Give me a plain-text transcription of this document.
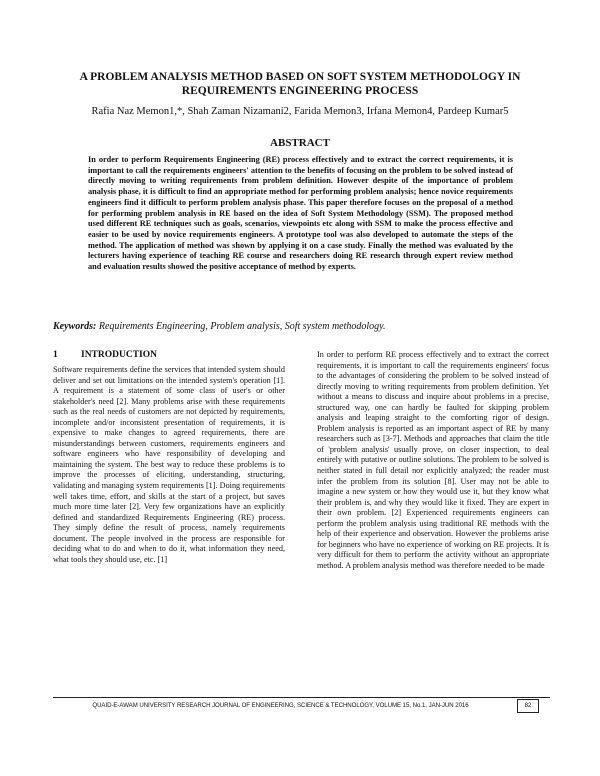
A PROBLEM ANALYSIS METHOD BASED ON SOFT SYSTEM METHODOLOGY IN REQUIREMENTS ENGINEERING PROCESS
Rafia Naz Memon1,*, Shah Zaman Nizamani2, Farida Memon3, Irfana Memon4, Pardeep Kumar5
ABSTRACT
In order to perform Requirements Engineering (RE) process effectively and to extract the correct requirements, it is important to call the requirements engineers' attention to the benefits of focusing on the problem to be solved instead of directly moving to writing requirements from problem definition. However despite of the importance of problem analysis phase, it is difficult to find an appropriate method for performing problem analysis; hence novice requirements engineers find it difficult to perform problem analysis phase. This paper therefore focuses on the proposal of a method for performing problem analysis in RE based on the idea of Soft System Methodology (SSM). The proposed method used different RE techniques such as goals, scenarios, viewpoints etc along with SSM to make the process effective and easier to be used by novice requirements engineers. A prototype tool was also developed to automate the steps of the method. The application of method was shown by applying it on a case study. Finally the method was evaluated by the lecturers having experience of teaching RE course and researchers doing RE research through expert review method and evaluation results showed the positive acceptance of method by experts.
Keywords: Requirements Engineering, Problem analysis, Soft system methodology.
1 INTRODUCTION
Software requirements define the services that intended system should deliver and set out limitations on the intended system's operation [1]. A requirement is a statement of some class of user's or other stakeholder's need [2]. Many problems arise with these requirements such as the real needs of customers are not depicted by requirements, incomplete and/or inconsistent presentation of requirements, it is expensive to make changes to agreed requirements, there are misunderstandings between customers, requirements engineers and software engineers who have responsibility of developing and maintaining the system. The best way to reduce these problems is to improve the processes of eliciting, understanding, structuring, validating and managing system requirements [1]. Doing requirements well takes time, effort, and skills at the start of a project, but saves much more time later [2]. Very few organizations have an explicitly defined and standardized Requirements Engineering (RE) process. They simply define the result of process, namely requirements document. The people involved in the process are responsible for deciding what to do and when to do it, what information they need, what tools they should use, etc. [1]
In order to perform RE process effectively and to extract the correct requirements, it is important to call the requirements engineers' focus to the advantages of considering the problem to be solved instead of directly moving to writing requirements from problem definition. Yet without a means to discuss and inquire about problems in a precise, structured way, one can hardly be faulted for skipping problem analysis and leaping straight to the comforting rigor of design. Problem analysis is reported as an important aspect of RE by many researchers such as [3-7]. Methods and approaches that claim the title of 'problem analysis' usually prove, on closer inspection, to deal entirely with putative or outline solutions. The problem to be solved is neither stated in full detail nor explicitly analyzed; the reader must infer the problem from its solution [8]. User may not be able to imagine a new system or how they would use it, but they know what their problem is, and why they would like it fixed. They are expert in their own problem. [2] Experienced requirements engineers can perform the problem analysis using traditional RE methods with the help of their experience and observation. However the problems arise for beginners who have no experience of working on RE projects. It is very difficult for them to perform the activity without an appropriate method. A problem analysis method was therefore needed to be made
QUAID-E-AWAM UNIVERSITY RESEARCH JOURNAL OF ENGINEERING, SCIENCE & TECHNOLOGY, VOLUME 15, No.1, JAN-JUN 2016	82
